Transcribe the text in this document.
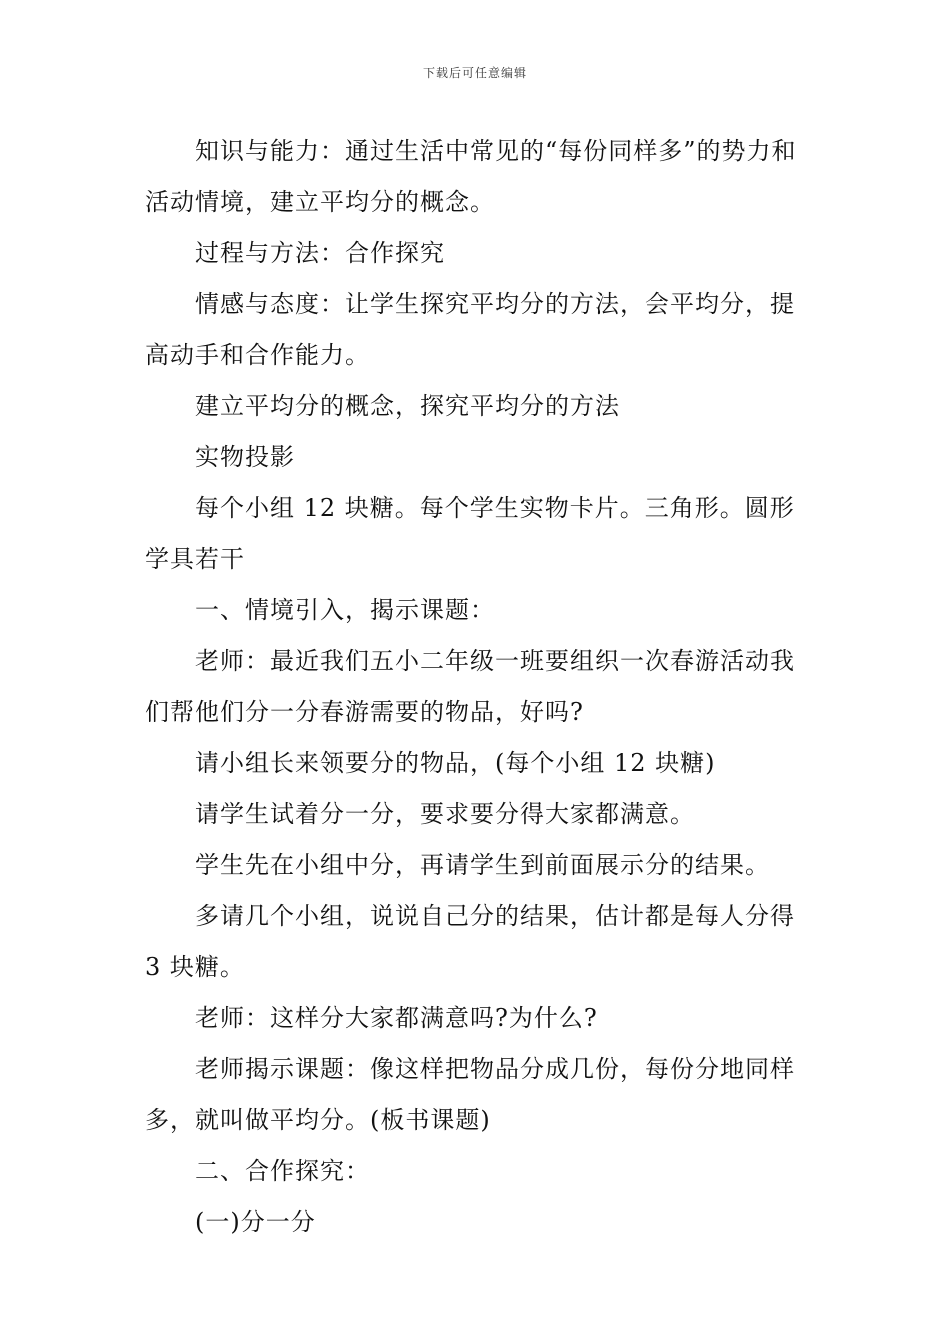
下载后可任意编辑

知识与能力：通过生活中常见的“每份同样多”的势力和活动情境，建立平均分的概念。

过程与方法：合作探究

情感与态度：让学生探究平均分的方法，会平均分，提高动手和合作能力。

建立平均分的概念，探究平均分的方法

实物投影

每个小组 12 块糖。每个学生实物卡片。三角形。圆形学具若干

一、情境引入，揭示课题：

老师：最近我们五小二年级一班要组织一次春游活动我们帮他们分一分春游需要的物品，好吗?

请小组长来领要分的物品，(每个小组 12 块糖)

请学生试着分一分，要求要分得大家都满意。

学生先在小组中分，再请学生到前面展示分的结果。

多请几个小组，说说自己分的结果，估计都是每人分得 3 块糖。

老师：这样分大家都满意吗?为什么?

老师揭示课题：像这样把物品分成几份，每份分地同样多，就叫做平均分。(板书课题)

二、合作探究：

(一)分一分
